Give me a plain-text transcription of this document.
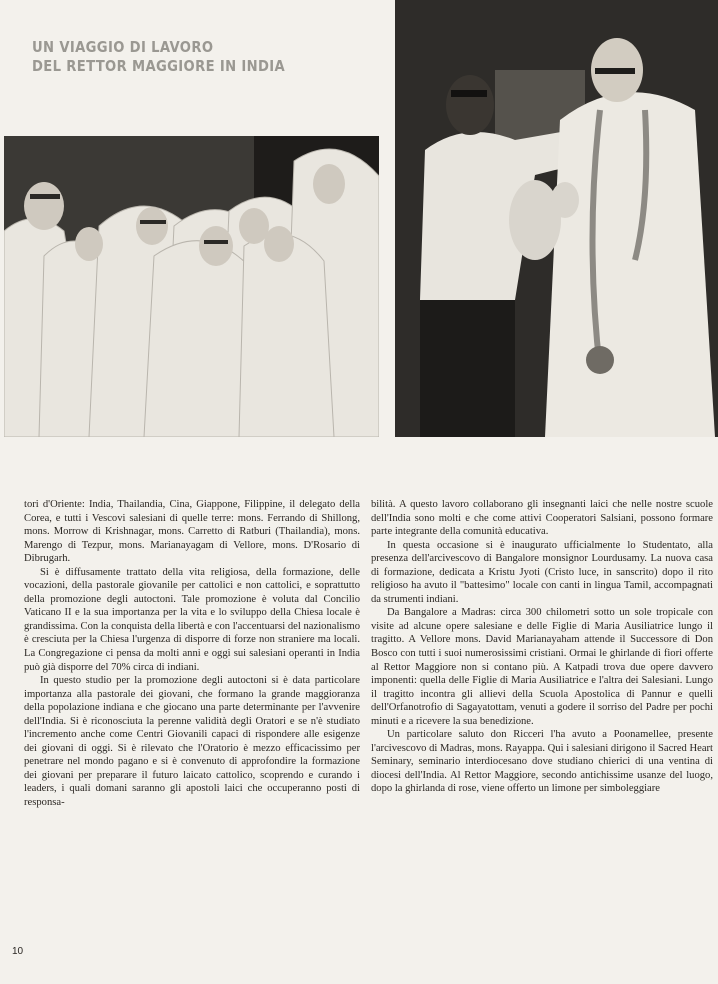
UN VIAGGIO DI LAVORO
DEL RETTOR MAGGIORE IN INDIA

tori d'Oriente: India, Thailandia, Cina, Giappone, Filippine, il delegato della Corea, e tutti i Vescovi salesiani di quelle terre: mons. Ferrando di Shillong, mons. Morrow di Krishnagar, mons. Carretto di Ratburi (Thailandia), mons. Marengo di Tezpur, mons. Marianayagam di Vellore, mons. D'Rosario di Dibrugarh.

Si è diffusamente trattato della vita religiosa, della formazione, delle vocazioni, della pastorale giovanile per cattolici e non cattolici, e soprattutto della promozione degli autoctoni. Tale promozione è voluta dal Concilio Vaticano II e la sua importanza per la vita e lo sviluppo della Chiesa locale è grandissima. Con la conquista della libertà e con l'accentuarsi del nazionalismo è cresciuta per la Chiesa l'urgenza di disporre di forze non straniere ma locali. La Congregazione ci pensa da molti anni e oggi sui salesiani operanti in India può già disporre del 70% circa di indiani.

In questo studio per la promozione degli autoctoni si è data particolare importanza alla pastorale dei giovani, che formano la grande maggioranza della popolazione indiana e che giocano una parte determinante per l'avvenire dell'India. Si è riconosciuta la perenne validità degli Oratori e se n'è studiato l'incremento anche come Centri Giovanili capaci di rispondere alle esigenze dei giovani di oggi. Si è rilevato che l'Oratorio è mezzo efficacissimo per penetrare nel mondo pagano e si è convenuto di approfondire la formazione dei giovani per preparare il futuro laicato cattolico, scoprendo e curando i leaders, i quali domani saranno gli apostoli laici che occuperanno posti di responsa-

bilità. A questo lavoro collaborano gli insegnanti laici che nelle nostre scuole dell'India sono molti e che come attivi Cooperatori Salsiani, possono formare parte integrante della comunità educativa.

In questa occasione si è inaugurato ufficialmente lo Studentato, alla presenza dell'arcivescovo di Bangalore monsignor Lourdusamy. La nuova casa di formazione, dedicata a Kristu Jyoti (Cristo luce, in sanscrito) dopo il rito religioso ha avuto il "battesimo" locale con canti in lingua Tamil, accompagnati da strumenti indiani.

Da Bangalore a Madras: circa 300 chilometri sotto un sole tropicale con visite ad alcune opere salesiane e delle Figlie di Maria Ausiliatrice lungo il tragitto. A Vellore mons. David Marianayaham attende il Successore di Don Bosco con tutti i suoi numerosissimi cristiani. Ormai le ghirlande di fiori offerte al Rettor Maggiore non si contano più. A Katpadi trova due opere davvero imponenti: quella delle Figlie di Maria Ausiliatrice e l'altra dei Salesiani. Lungo il tragitto incontra gli allievi della Scuola Apostolica di Pannur e quelli dell'Orfanotrofio di Sagayatottam, venuti a godere il sorriso del Padre per pochi minuti e a ricevere la sua benedizione.

Un particolare saluto don Ricceri l'ha avuto a Poonamellee, presente l'arcivescovo di Madras, mons. Rayappa. Qui i salesiani dirigono il Sacred Heart Seminary, seminario interdiocesano dove studiano chierici di una ventina di diocesi dell'India. Al Rettor Maggiore, secondo antichissime usanze del luogo, dopo la ghirlanda di rose, viene offerto un limone per simboleggiare

10
